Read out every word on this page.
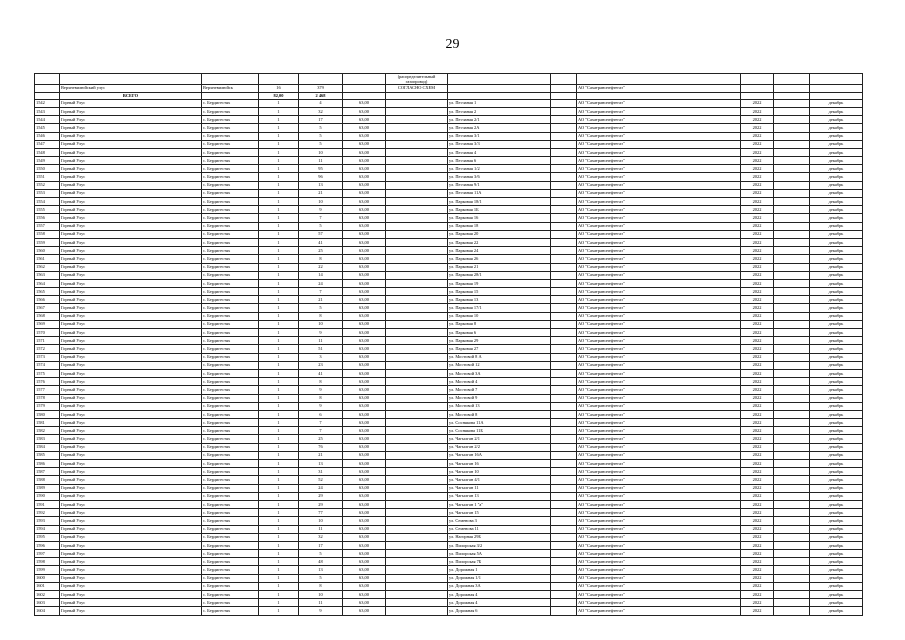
29
						(распределительный
газопровод)						
	Верхневилюйский улус	Верхневилюйск	16	379		СОГЛАСНО СХЕМ			АО "Сахатранснефтегаз"			
	ВСЕГО		82,00	2 468								
1542	Горный Улус	с. Бердигестях	1	4	63,00		ул. Песчаная 1		АО "Сахатранснефтегаз"	2022		декабрь
1543	Горный Улус	с. Бердигестях	1	32	63,00		ул. Песчаная 2		АО "Сахатранснефтегаз"	2022		декабрь
1544	Горный Улус	с. Бердигестях	1	17	63,00		ул. Песчаная 2/1		АО "Сахатранснефтегаз"	2022		декабрь
1545	Горный Улус	с. Бердигестях	1	5	63,00		ул. Песчаная 2А		АО "Сахатранснефтегаз"	2022		декабрь
1546	Горный Улус	с. Бердигестях	1	5	63,00		ул. Песчаная 3/1		АО "Сахатранснефтегаз"	2022		декабрь
1547	Горный Улус	с. Бердигестях	1	5	63,00		ул. Песчаная 3/3		АО "Сахатранснефтегаз"	2022		декабрь
1548	Горный Улус	с. Бердигестях	1	10	63,00		ул. Песчаная 4		АО "Сахатранснефтегаз"	2022		декабрь
1549	Горный Улус	с. Бердигестях	1	11	63,00		ул. Песчаная 6		АО "Сахатранснефтегаз"	2022		декабрь
1550	Горный Улус	с. Бердигестях	1	95	63,00		ул. Песчаная 1/2		АО "Сахатранснефтегаз"	2022		декабрь
1551	Горный Улус	с. Бердигестях	1	96	63,00		ул. Песчаная 3/6		АО "Сахатранснефтегаз"	2022		декабрь
1552	Горный Улус	с. Бердигестях	1	13	63,00		ул. Песчаная 9/1		АО "Сахатранснефтегаз"	2022		декабрь
1553	Горный Улус	с. Бердигестях	1	21	63,00		ул. Песчаная 11А		АО "Сахатранснефтегаз"	2022		декабрь
1554	Горный Улус	с. Бердигестях	1	10	63,00		ул. Парковая 18/1		АО "Сахатранснефтегаз"	2022		декабрь
1555	Горный Улус	с. Бердигестях	1	9	63,00		ул. Парковая 1Б		АО "Сахатранснефтегаз"	2022		декабрь
1556	Горный Улус	с. Бердигестях	1	7	63,00		ул. Парковая 16		АО "Сахатранснефтегаз"	2022		декабрь
1557	Горный Улус	с. Бердигестях	1	5	63,00		ул. Парковая 18		АО "Сахатранснефтегаз"	2022		декабрь
1558	Горный Улус	с. Бердигестях	1	57	63,00		ул. Парковая 20		АО "Сахатранснефтегаз"	2022		декабрь
1559	Горный Улус	с. Бердигестях	1	41	63,00		ул. Парковая 22		АО "Сахатранснефтегаз"	2022		декабрь
1560	Горный Улус	с. Бердигестях	1	25	63,00		ул. Парковая 24		АО "Сахатранснефтегаз"	2022		декабрь
1561	Горный Улус	с. Бердигестях	1	8	63,00		ул. Парковая 26		АО "Сахатранснефтегаз"	2022		декабрь
1562	Горный Улус	с. Бердигестях	1	22	63,00		ул. Парковая 21		АО "Сахатранснефтегаз"	2022		декабрь
1563	Горный Улус	с. Бердигестях	1	14	63,00		ул. Парковая 28/1		АО "Сахатранснефтегаз"	2022		декабрь
1564	Горный Улус	с. Бердигестях	1	24	63,00		ул. Парковая 19		АО "Сахатранснефтегаз"	2022		декабрь
1565	Горный Улус	с. Бердигестях	1	7	63,00		ул. Парковая 15		АО "Сахатранснефтегаз"	2022		декабрь
1566	Горный Улус	с. Бердигестях	1	21	63,00		ул. Парковая 13		АО "Сахатранснефтегаз"	2022		декабрь
1567	Горный Улус	с. Бердигестях	1	5	63,00		ул. Парковая 17/1		АО "Сахатранснефтегаз"	2022		декабрь
1568	Горный Улус	с. Бердигестях	1	8	63,00		ул. Парковая 10		АО "Сахатранснефтегаз"	2022		декабрь
1569	Горный Улус	с. Бердигестях	1	10	63,00		ул. Парковая 8		АО "Сахатранснефтегаз"	2022		декабрь
1570	Горный Улус	с. Бердигестях	1	9	63,00		ул. Парковая 6		АО "Сахатранснефтегаз"	2022		декабрь
1571	Горный Улус	с. Бердигестях	1	11	63,00		ул. Парковая 29		АО "Сахатранснефтегаз"	2022		декабрь
1572	Горный Улус	с. Бердигестях	1	51	63,00		ул. Парковая 27		АО "Сахатранснефтегаз"	2022		декабрь
1573	Горный Улус	с. Бердигестях	1	3	63,00		ул. Мостовой 8 А		АО "Сахатранснефтегаз"	2022		декабрь
1574	Горный Улус	с. Бердигестях	1	23	63,00		ул. Мостовой 12		АО "Сахатранснефтегаз"	2022		декабрь
1575	Горный Улус	с. Бердигестях	1	41	63,00		ул. Мостовой 3А		АО "Сахатранснефтегаз"	2022		декабрь
1576	Горный Улус	с. Бердигестях	1	8	63,00		ул. Мостовой 4		АО "Сахатранснефтегаз"	2022		декабрь
1577	Горный Улус	с. Бердигестях	1	9	63,00		ул. Мостовой 7		АО "Сахатранснефтегаз"	2022		декабрь
1578	Горный Улус	с. Бердигестях	1	8	63,00		ул. Мостовой 9		АО "Сахатранснефтегаз"	2022		декабрь
1579	Горный Улус	с. Бердигестях	1	9	63,00		ул. Мостовой 13		АО "Сахатранснефтегаз"	2022		декабрь
1580	Горный Улус	с. Бердигестях	1	6	63,00		ул. Мостовой 8		АО "Сахатранснефтегаз"	2022		декабрь
1581	Горный Улус	с. Бердигестях	1	7	63,00		ул. Соснякова 11А		АО "Сахатранснефтегаз"	2022		декабрь
1582	Горный Улус	с. Бердигестях	1	7	63,00		ул. Соснякова 11Б		АО "Сахатранснефтегаз"	2022		декабрь
1583	Горный Улус	с. Бердигестях	1	25	63,00		ул. Чагылган 2/1		АО "Сахатранснефтегаз"	2022		декабрь
1584	Горный Улус	с. Бердигестях	1	76	63,00		ул. Чагылган 2/2		АО "Сахатранснефтегаз"	2022		декабрь
1585	Горный Улус	с. Бердигестях	1	21	63,00		ул. Чагылган 16А		АО "Сахатранснефтегаз"	2022		декабрь
1586	Горный Улус	с. Бердигестях	1	13	63,00		ул. Чагылган 16		АО "Сахатранснефтегаз"	2022		декабрь
1587	Горный Улус	с. Бердигестях	1	31	63,00		ул. Чагылган 10		АО "Сахатранснефтегаз"	2022		декабрь
1588	Горный Улус	с. Бердигестях	1	52	63,00		ул. Чагылган 4/1		АО "Сахатранснефтегаз"	2022		декабрь
1589	Горный Улус	с. Бердигестях	1	24	63,00		ул. Чагылган 11		АО "Сахатранснефтегаз"	2022		декабрь
1590	Горный Улус	с. Бердигестях	1	29	63,00		ул. Чагылган 13		АО "Сахатранснефтегаз"	2022		декабрь
1591	Горный Улус	с. Бердигестях	1	29	63,00		ул. Чагылган 1 "а"		АО "Сахатранснефтегаз"	2022		декабрь
1592	Горный Улус	с. Бердигестях	1	77	63,00		ул. Чагылган 15		АО "Сахатранснефтегаз"	2022		декабрь
1593	Горный Улус	с. Бердигестях	1	10	63,00		ул. Семенова 3		АО "Сахатранснефтегаз"	2022		декабрь
1594	Горный Улус	с. Бердигестях	1	11	63,00		ул. Семенова 11		АО "Сахатранснефтегаз"	2022		декабрь
1595	Горный Улус	с. Бердигестях	1	32	63,00		ул. Нагорная 29Б		АО "Сахатранснефтегаз"	2022		декабрь
1596	Горный Улус	с. Бердигестях	1	17	63,00		ул. Пилорская 3/2		АО "Сахатранснефтегаз"	2022		декабрь
1597	Горный Улус	с. Бердигестях	1	5	63,00		ул. Пилорская 5А		АО "Сахатранснефтегаз"	2022		декабрь
1598	Горный Улус	с. Бердигестях	1	48	63,00		ул. Пилорская 7Б		АО "Сахатранснефтегаз"	2022		декабрь
1599	Горный Улус	с. Бердигестях	1	13	63,00		ул. Дорожная 1		АО "Сахатранснефтегаз"	2022		декабрь
1600	Горный Улус	с. Бердигестях	1	5	63,00		ул. Дорожная 1/1		АО "Сахатранснефтегаз"	2022		декабрь
1601	Горный Улус	с. Бердигестях	1	8	63,00		ул. Дорожная 3А		АО "Сахатранснефтегаз"	2022		декабрь
1602	Горный Улус	с. Бердигестях	1	10	63,00		ул. Дорожная 4		АО "Сахатранснефтегаз"	2022		декабрь
1603	Горный Улус	с. Бердигестях	1	11	63,00		ул. Дорожная 4		АО "Сахатранснефтегаз"	2022		декабрь
1604	Горный Улус	с. Бердигестях	1	9	63,00		ул. Дорожная 6		АО "Сахатранснефтегаз"	2022		декабрь
